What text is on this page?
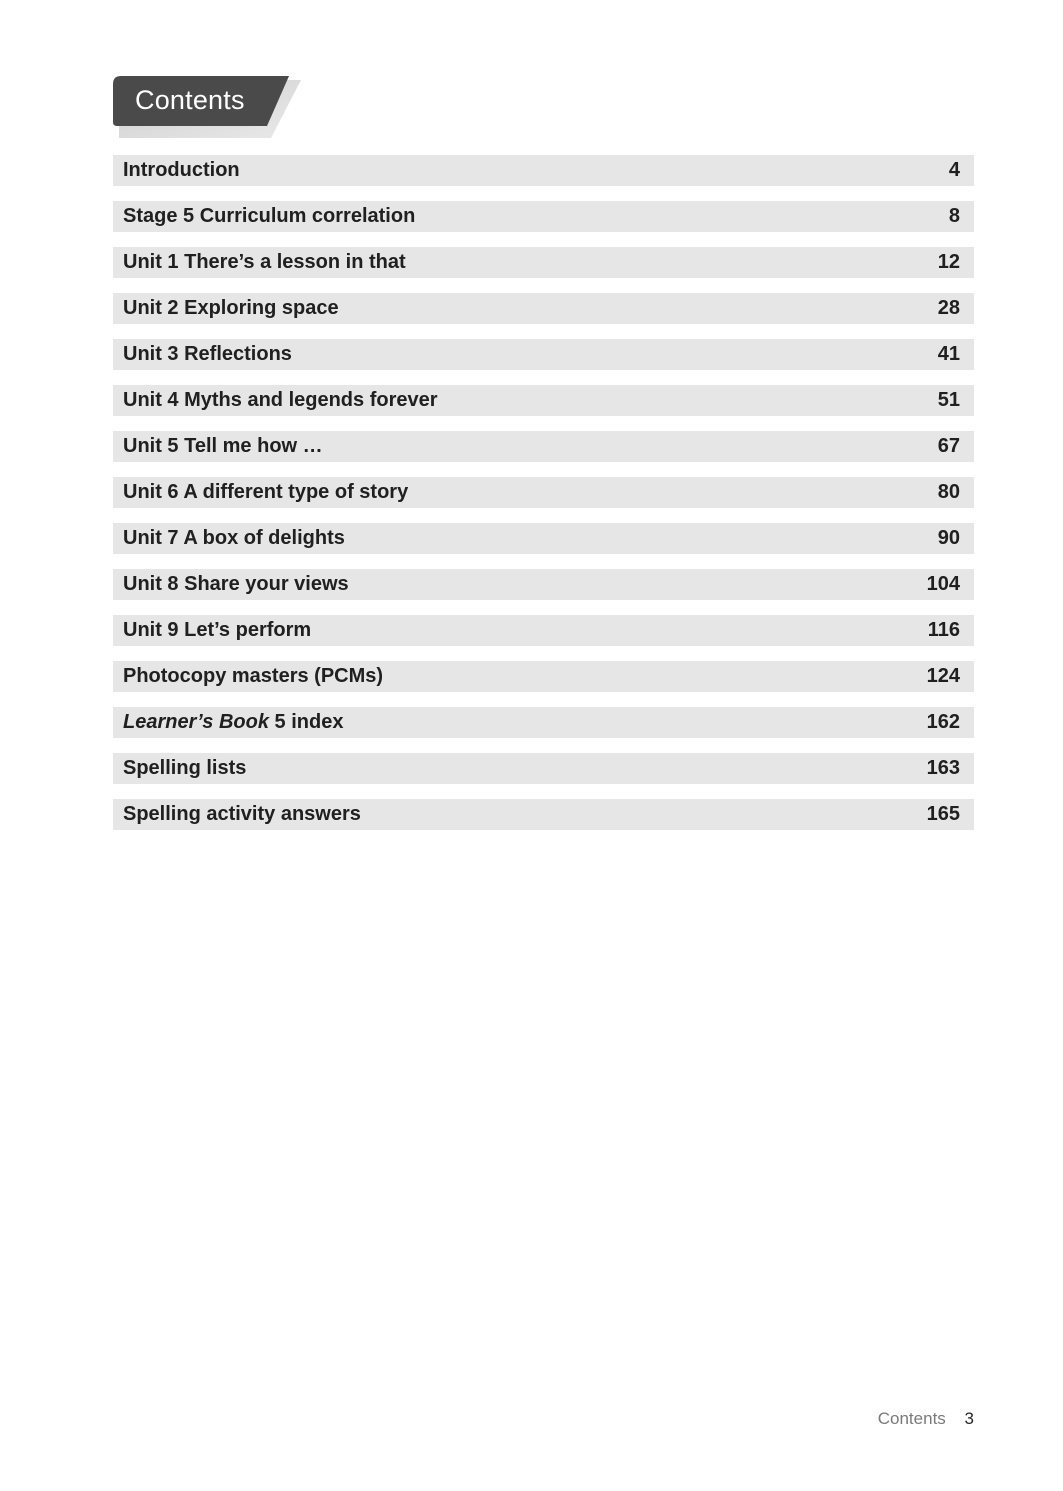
Contents
Introduction	4
Stage 5 Curriculum correlation	8
Unit 1 There’s a lesson in that	12
Unit 2 Exploring space	28
Unit 3 Reflections	41
Unit 4 Myths and legends forever	51
Unit 5 Tell me how …	67
Unit 6 A different type of story	80
Unit 7 A box of delights	90
Unit 8 Share your views	104
Unit 9 Let’s perform	116
Photocopy masters (PCMs)	124
Learner’s Book 5 index	162
Spelling lists	163
Spelling activity answers	165
Contents 3
